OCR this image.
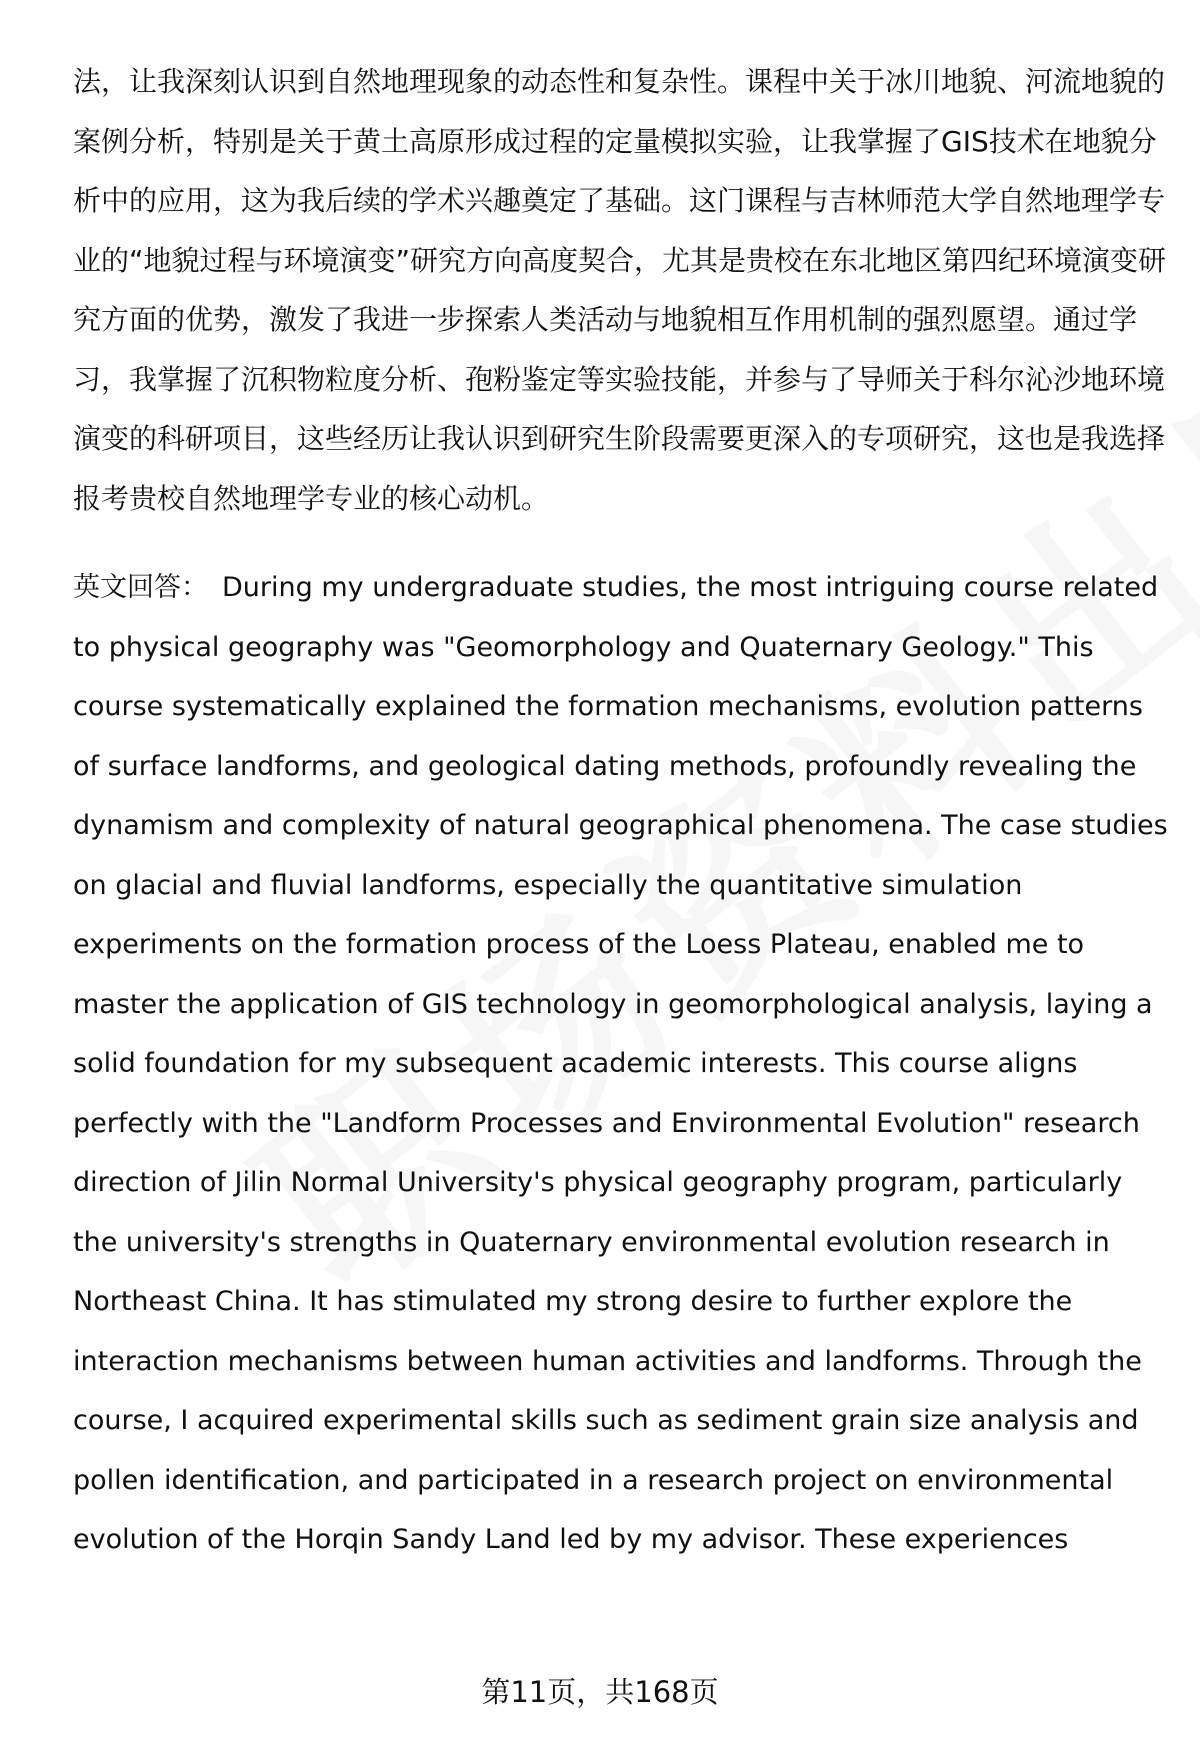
法，让我深刻认识到自然地理现象的动态性和复杂性。课程中关于冰川地貌、河流地貌的案例分析，特别是关于黄土高原形成过程的定量模拟实验，让我掌握了GIS技术在地貌分析中的应用，这为我后续的学术兴趣奠定了基础。这门课程与吉林师范大学自然地理学专业的“地貌过程与环境演变”研究方向高度契合，尤其是贵校在东北地区第四纪环境演变研究方面的优势，激发了我进一步探索人类活动与地貌相互作用机制的强烈愿望。通过学习，我掌握了沉积物粒度分析、孢粉鉴定等实验技能，并参与了导师关于科尔沁沙地环境演变的科研项目，这些经历让我认识到研究生阶段需要更深入的专项研究，这也是我选择报考贵校自然地理学专业的核心动机。

英文回答： During my undergraduate studies, the most intriguing course related to physical geography was "Geomorphology and Quaternary Geology." This course systematically explained the formation mechanisms, evolution patterns of surface landforms, and geological dating methods, profoundly revealing the dynamism and complexity of natural geographical phenomena. The case studies on glacial and fluvial landforms, especially the quantitative simulation experiments on the formation process of the Loess Plateau, enabled me to master the application of GIS technology in geomorphological analysis, laying a solid foundation for my subsequent academic interests. This course aligns perfectly with the "Landform Processes and Environmental Evolution" research direction of Jilin Normal University's physical geography program, particularly the university's strengths in Quaternary environmental evolution research in Northeast China. It has stimulated my strong desire to further explore the interaction mechanisms between human activities and landforms. Through the course, I acquired experimental skills such as sediment grain size analysis and pollen identification, and participated in a research project on environmental evolution of the Horqin Sandy Land led by my advisor. These experiences

第11页，共168页
